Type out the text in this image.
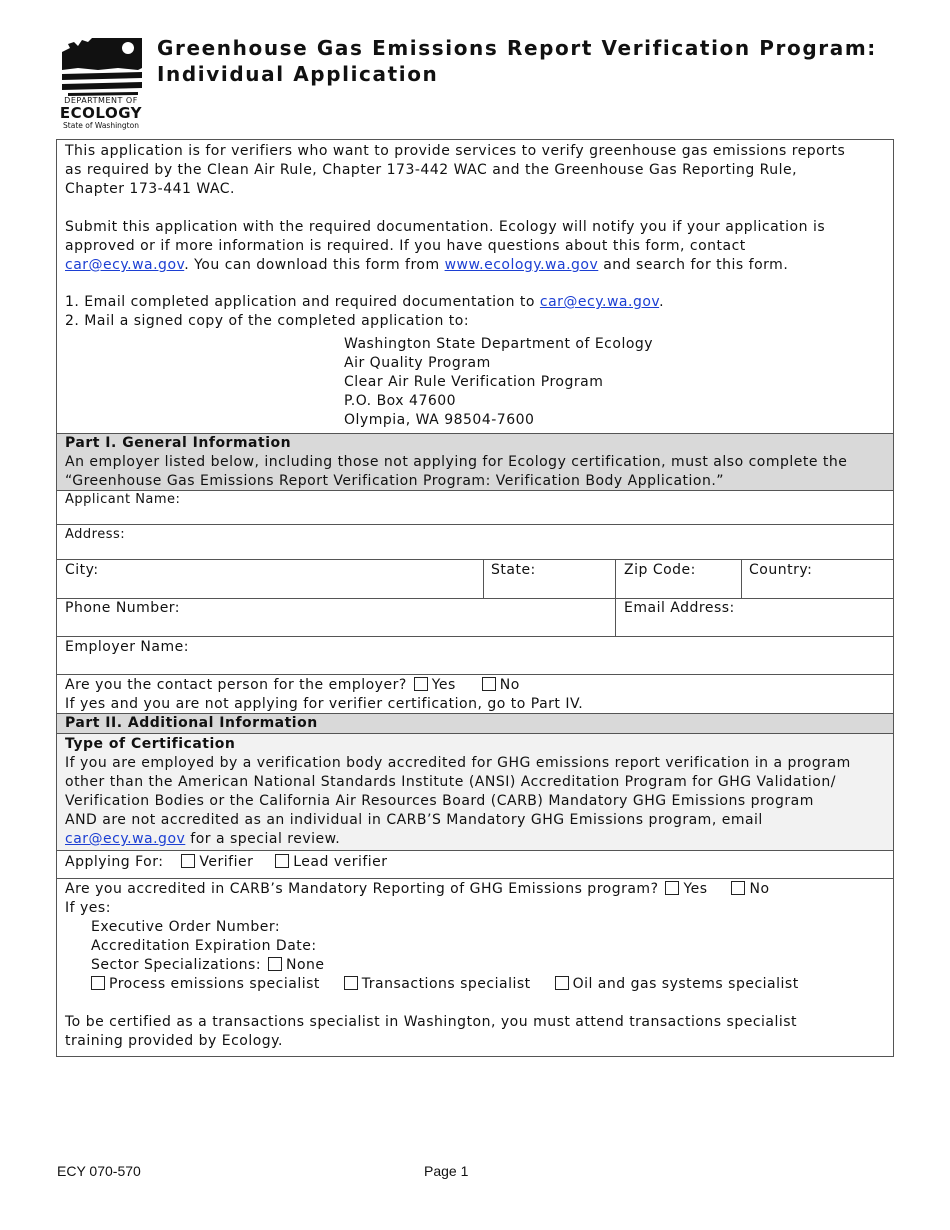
DEPARTMENT OF
ECOLOGY
State of Washington
Greenhouse Gas Emissions Report Verification Program:
Individual Application
This application is for verifiers who want to provide services to verify greenhouse gas emissions reports
as required by the Clean Air Rule, Chapter 173-442 WAC and the Greenhouse Gas Reporting Rule,
Chapter 173-441 WAC.
Submit this application with the required documentation. Ecology will notify you if your application is
approved or if more information is required. If you have questions about this form, contact
car@ecy.wa.gov. You can download this form from www.ecology.wa.gov and search for this form.
1. Email completed application and required documentation to car@ecy.wa.gov.
2. Mail a signed copy of the completed application to:
Washington State Department of Ecology
Air Quality Program
Clear Air Rule Verification Program
P.O. Box 47600
Olympia, WA 98504-7600
Part I. General Information
An employer listed below, including those not applying for Ecology certification, must also complete the
“Greenhouse Gas Emissions Report Verification Program: Verification Body Application.”
Applicant Name:
Address:
City:	State:	Zip Code:	Country:
Phone Number:	Email Address:
Employer Name:
Are you the contact person for the employer? Yes	No
If yes and you are not applying for verifier certification, go to Part IV.
Part II. Additional Information
Type of Certification
If you are employed by a verification body accredited for GHG emissions report verification in a program
other than the American National Standards Institute (ANSI) Accreditation Program for GHG Validation/
Verification Bodies or the California Air Resources Board (CARB) Mandatory GHG Emissions program
AND are not accredited as an individual in CARB’S Mandatory GHG Emissions program, email
car@ecy.wa.gov for a special review.
Applying For:	Verifier	Lead verifier
Are you accredited in CARB’s Mandatory Reporting of GHG Emissions program? Yes	No
If yes:
Executive Order Number:
Accreditation Expiration Date:
Sector Specializations: None
Process emissions specialist	Transactions specialist	Oil and gas systems specialist
To be certified as a transactions specialist in Washington, you must attend transactions specialist
training provided by Ecology.
ECY 070-570	Page 1
